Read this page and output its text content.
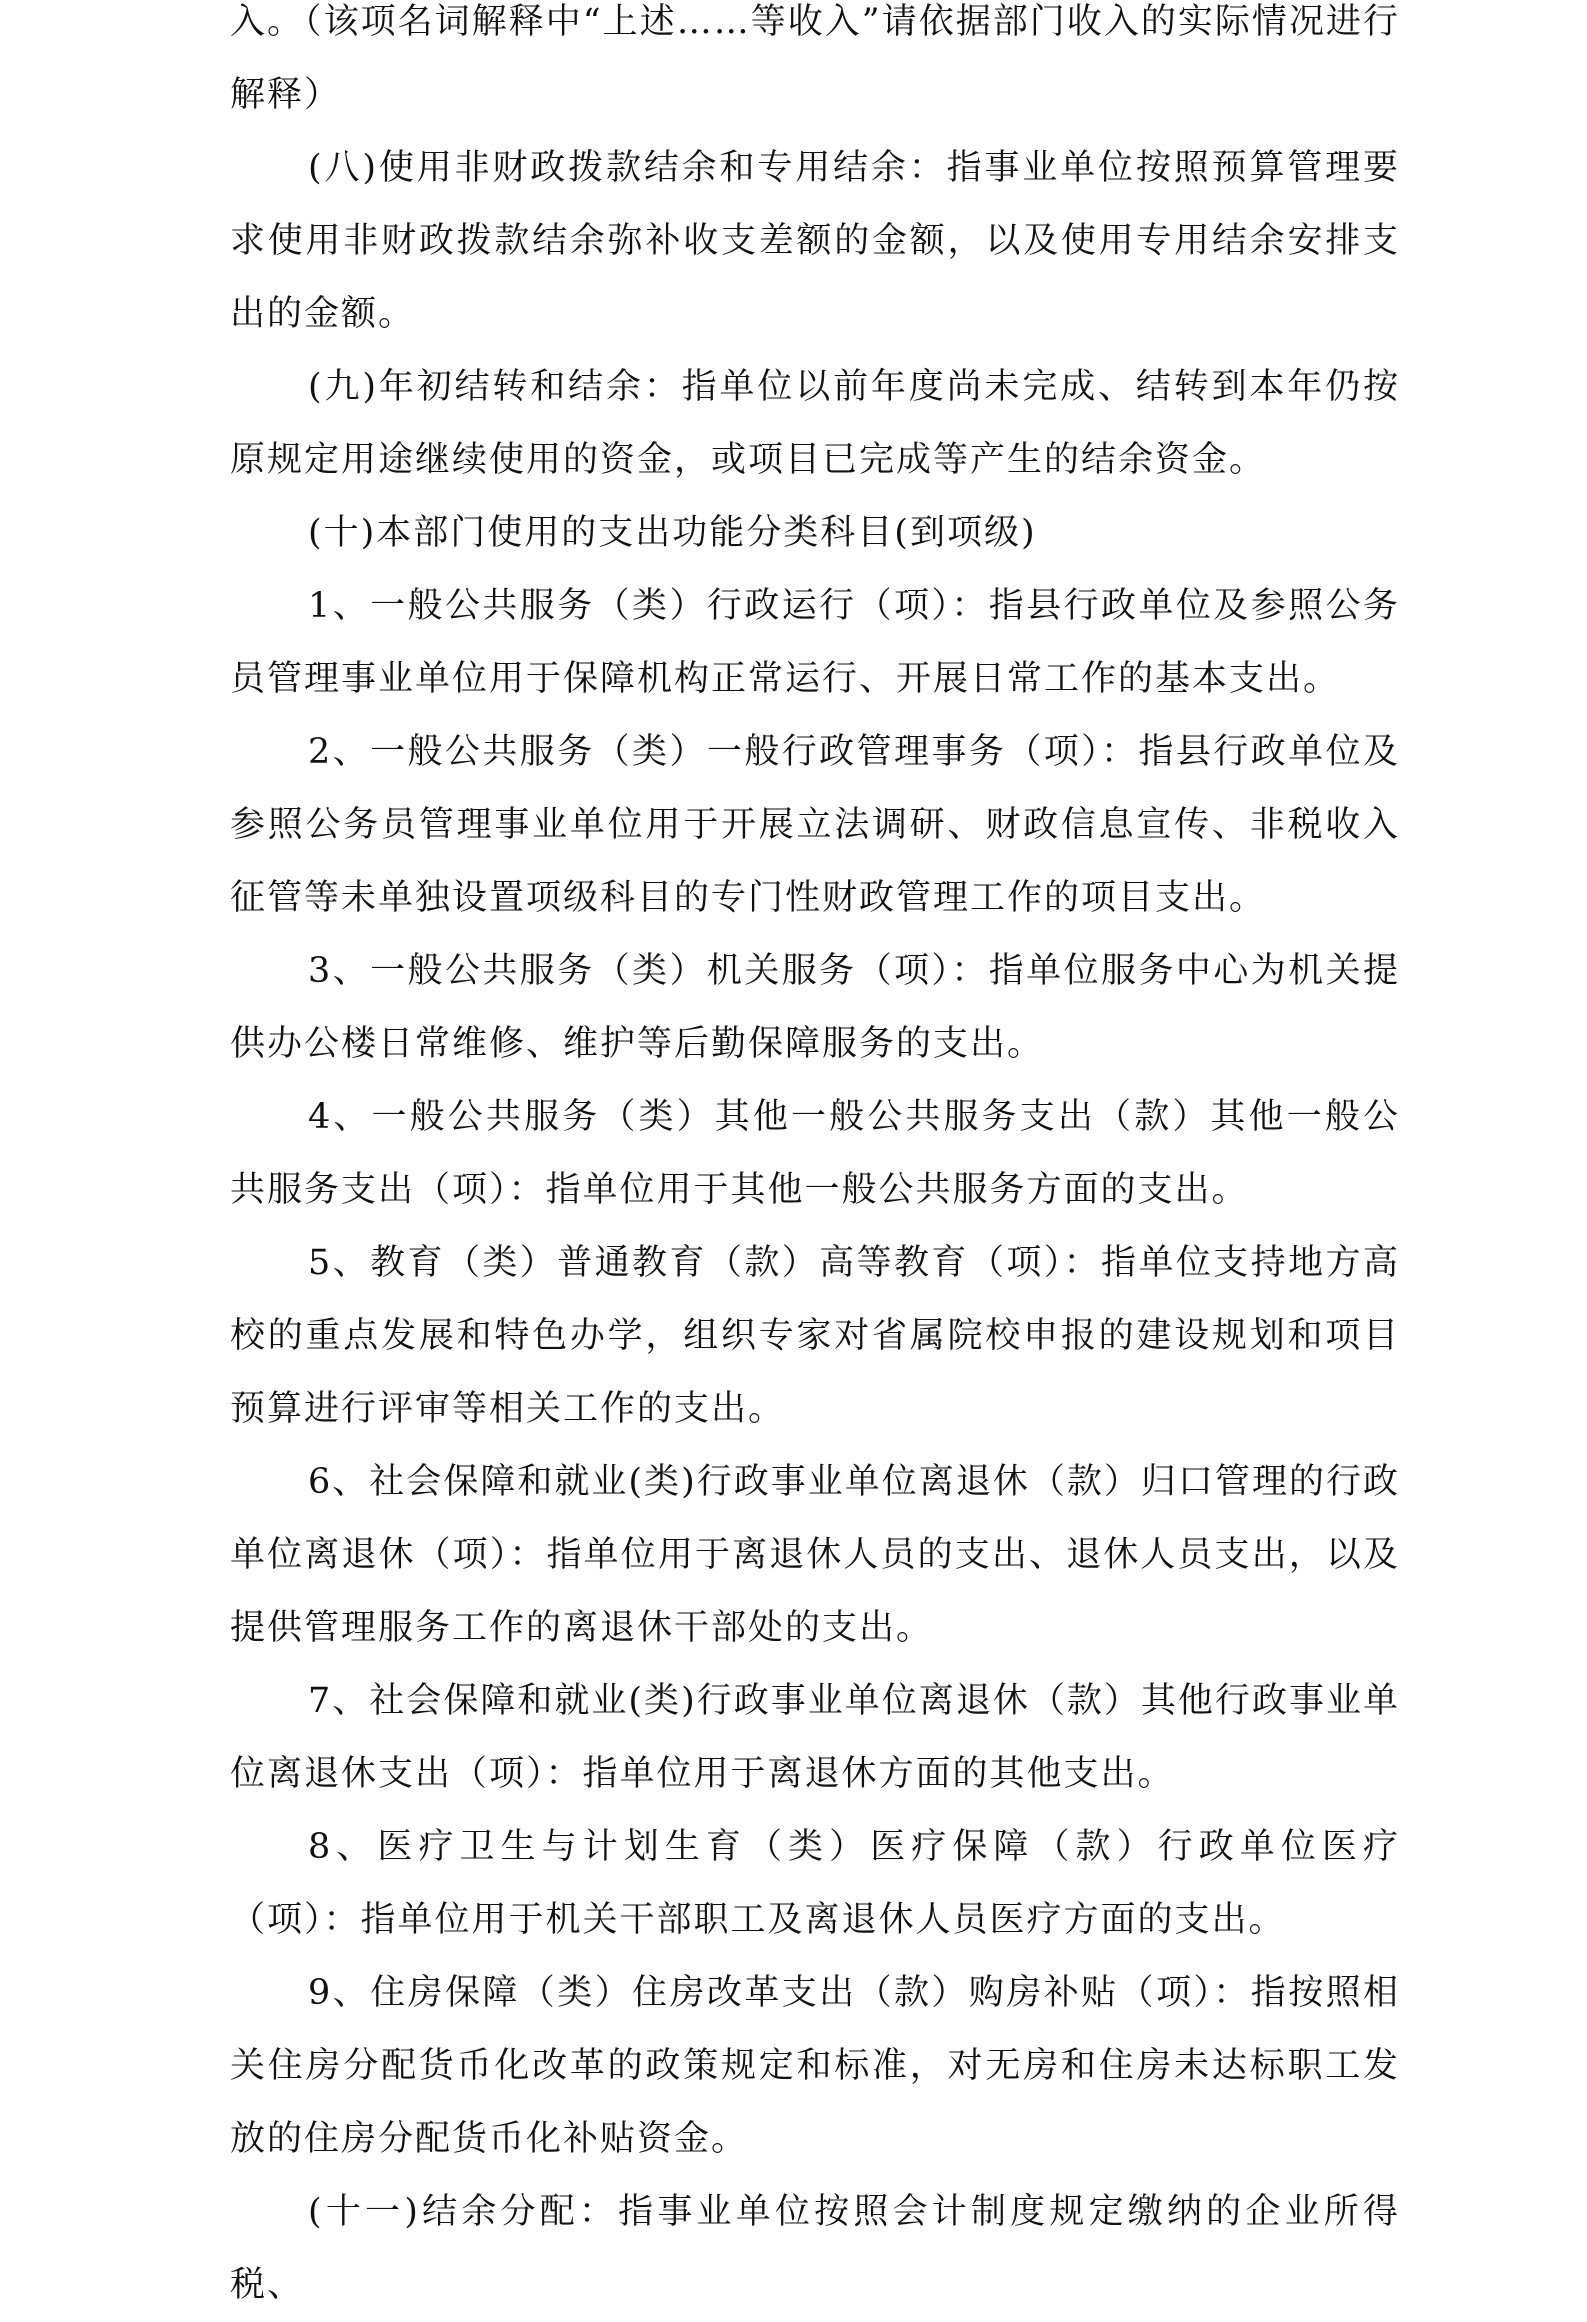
入。（该项名词解释中“上述……等收入”请依据部门收入的实际情况进行解释）

(八)使用非财政拨款结余和专用结余：指事业单位按照预算管理要求使用非财政拨款结余弥补收支差额的金额，以及使用专用结余安排支出的金额。

(九)年初结转和结余：指单位以前年度尚未完成、结转到本年仍按原规定用途继续使用的资金，或项目已完成等产生的结余资金。

(十)本部门使用的支出功能分类科目(到项级)

1、一般公共服务（类）行政运行（项）：指县行政单位及参照公务员管理事业单位用于保障机构正常运行、开展日常工作的基本支出。

2、一般公共服务（类）一般行政管理事务（项）：指县行政单位及参照公务员管理事业单位用于开展立法调研、财政信息宣传、非税收入征管等未单独设置项级科目的专门性财政管理工作的项目支出。

3、一般公共服务（类）机关服务（项）：指单位服务中心为机关提供办公楼日常维修、维护等后勤保障服务的支出。

4、一般公共服务（类）其他一般公共服务支出（款）其他一般公共服务支出（项）：指单位用于其他一般公共服务方面的支出。

5、教育（类）普通教育（款）高等教育（项）：指单位支持地方高校的重点发展和特色办学，组织专家对省属院校申报的建设规划和项目预算进行评审等相关工作的支出。

6、社会保障和就业(类)行政事业单位离退休（款）归口管理的行政单位离退休（项）：指单位用于离退休人员的支出、退休人员支出，以及提供管理服务工作的离退休干部处的支出。

7、社会保障和就业(类)行政事业单位离退休（款）其他行政事业单位离退休支出（项）：指单位用于离退休方面的其他支出。

8、医疗卫生与计划生育（类）医疗保障（款）行政单位医疗（项）：指单位用于机关干部职工及离退休人员医疗方面的支出。

9、住房保障（类）住房改革支出（款）购房补贴（项）：指按照相关住房分配货币化改革的政策规定和标准，对无房和住房未达标职工发放的住房分配货币化补贴资金。

(十一)结余分配：指事业单位按照会计制度规定缴纳的企业所得税、
